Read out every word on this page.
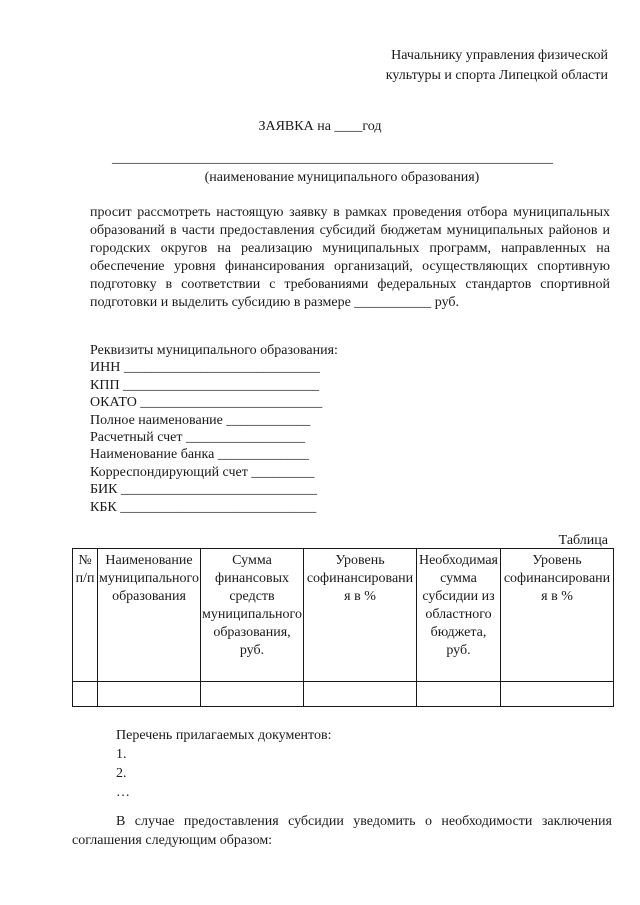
Начальнику управления физической
культуры и спорта Липецкой области
ЗАЯВКА на ____год
_______________________________________________________________
(наименование муниципального образования)

просит рассмотреть настоящую заявку в рамках проведения отбора муниципальных образований в части предоставления субсидий бюджетам муниципальных районов и городских округов на реализацию муниципальных программ, направленных на обеспечение уровня финансирования организаций, осуществляющих спортивную подготовку в соответствии с требованиями федеральных стандартов спортивной подготовки и выделить субсидию в размере ___________ руб.

Реквизиты муниципального образования:
ИНН ____________________________
КПП ____________________________
ОКАТО __________________________
Полное наименование ____________
Расчетный счет _________________
Наименование банка _____________
Корреспондирующий счет _________
БИК ____________________________
КБК ____________________________
Таблица
№ п/п	Наименование муниципального образования	Сумма финансовых средств муниципального образования, руб.	Уровень софинансирования в %	Необходимая сумма субсидии из областного бюджета, руб.	Уровень софинансирования в %

Перечень прилагаемых документов:
1.
2.
…

В случае предоставления субсидии уведомить о необходимости заключения соглашения следующим образом:
